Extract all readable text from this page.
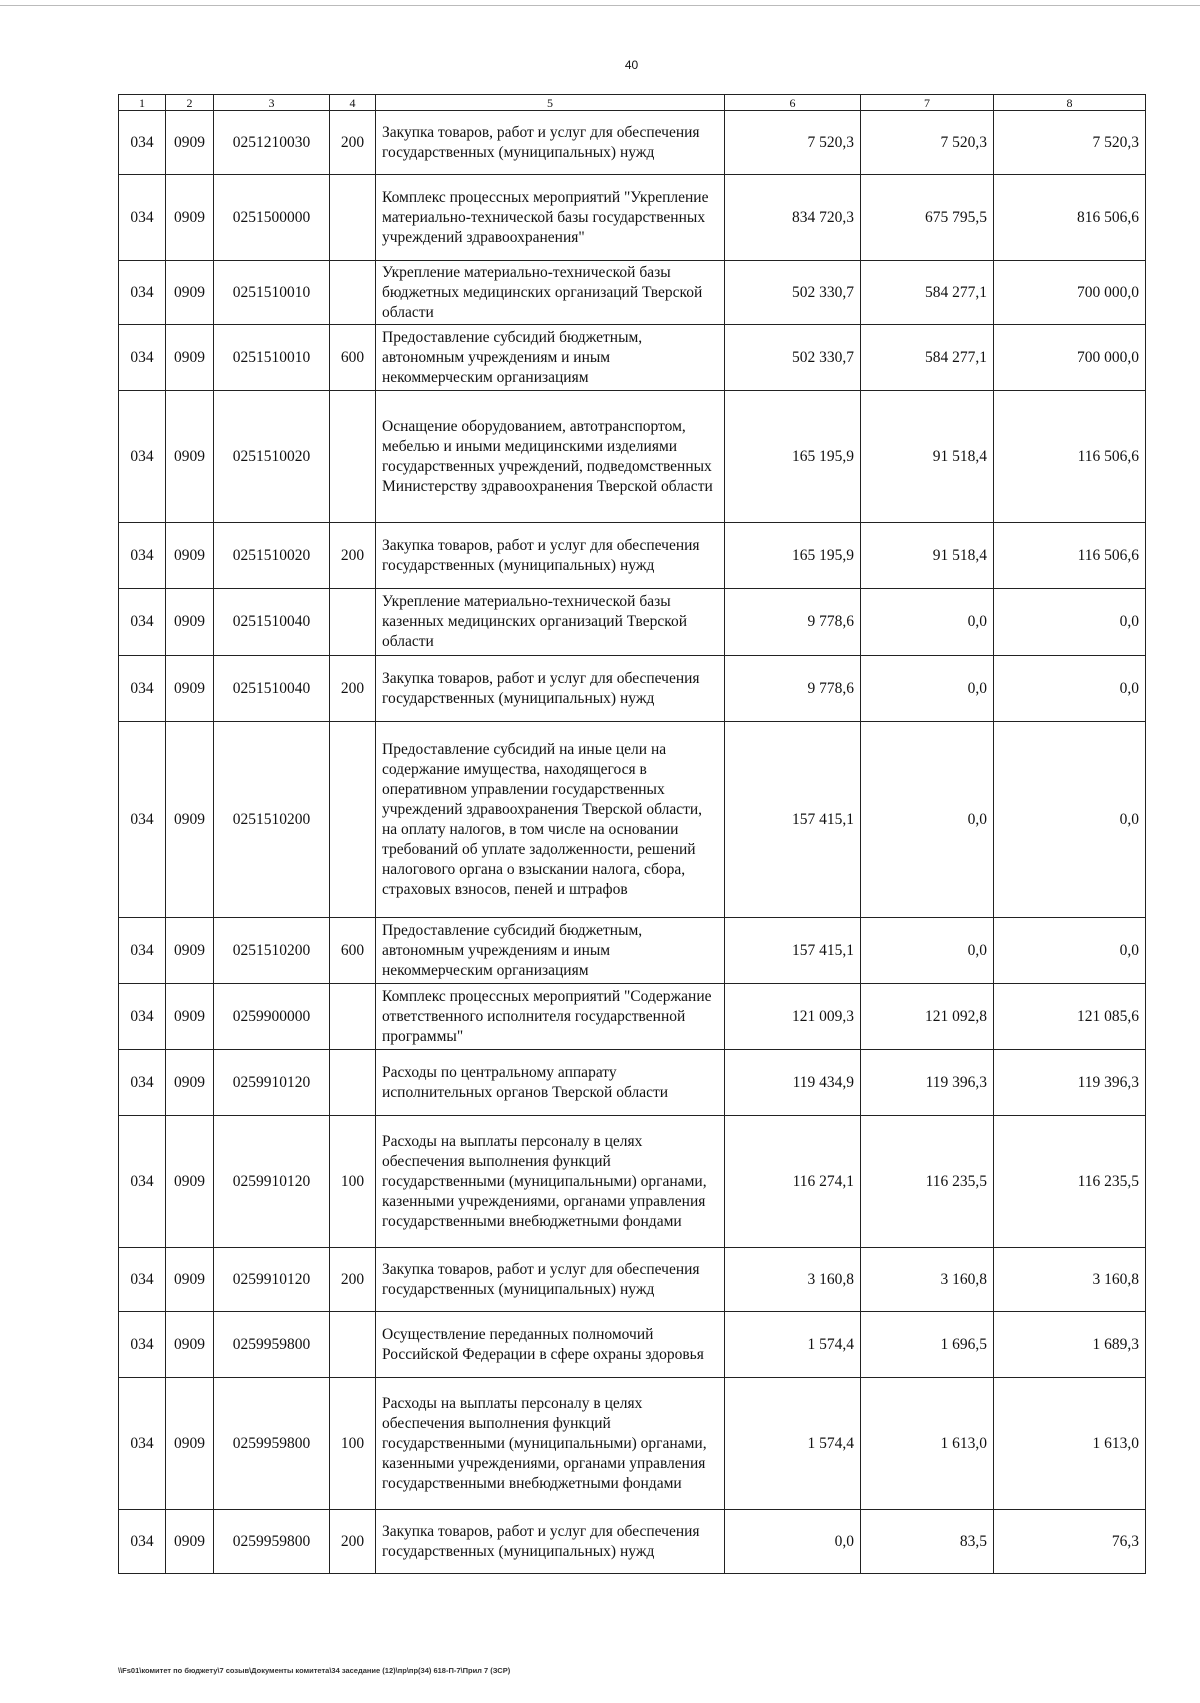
40
1	2	3	4	5	6	7	8
034	0909	0251210030	200	Закупка товаров, работ и услуг для обеспечения государственных (муниципальных) нужд	7 520,3	7 520,3	7 520,3
034	0909	0251500000		Комплекс процессных мероприятий "Укрепление материально-технической базы государственных учреждений здравоохранения"	834 720,3	675 795,5	816 506,6
034	0909	0251510010		Укрепление материально-технической базы бюджетных медицинских организаций Тверской области	502 330,7	584 277,1	700 000,0
034	0909	0251510010	600	Предоставление субсидий бюджетным, автономным учреждениям и иным некоммерческим организациям	502 330,7	584 277,1	700 000,0
034	0909	0251510020		Оснащение оборудованием, автотранспортом, мебелью и иными медицинскими изделиями государственных учреждений, подведомственных Министерству здравоохранения Тверской области	165 195,9	91 518,4	116 506,6
034	0909	0251510020	200	Закупка товаров, работ и услуг для обеспечения государственных (муниципальных) нужд	165 195,9	91 518,4	116 506,6
034	0909	0251510040		Укрепление материально-технической базы казенных медицинских организаций Тверской области	9 778,6	0,0	0,0
034	0909	0251510040	200	Закупка товаров, работ и услуг для обеспечения государственных (муниципальных) нужд	9 778,6	0,0	0,0
034	0909	0251510200		Предоставление субсидий на иные цели на содержание имущества, находящегося в оперативном управлении государственных учреждений здравоохранения Тверской области, на оплату налогов, в том числе на основании требований об уплате задолженности, решений налогового органа о взыскании налога, сбора, страховых взносов, пеней и штрафов	157 415,1	0,0	0,0
034	0909	0251510200	600	Предоставление субсидий бюджетным, автономным учреждениям и иным некоммерческим организациям	157 415,1	0,0	0,0
034	0909	0259900000		Комплекс процессных мероприятий "Содержание ответственного исполнителя государственной программы"	121 009,3	121 092,8	121 085,6
034	0909	0259910120		Расходы по центральному аппарату исполнительных органов Тверской области	119 434,9	119 396,3	119 396,3
034	0909	0259910120	100	Расходы на выплаты персоналу в целях обеспечения выполнения функций государственными (муниципальными) органами, казенными учреждениями, органами управления государственными внебюджетными фондами	116 274,1	116 235,5	116 235,5
034	0909	0259910120	200	Закупка товаров, работ и услуг для обеспечения государственных (муниципальных) нужд	3 160,8	3 160,8	3 160,8
034	0909	0259959800		Осуществление переданных полномочий Российской Федерации в сфере охраны здоровья	1 574,4	1 696,5	1 689,3
034	0909	0259959800	100	Расходы на выплаты персоналу в целях обеспечения выполнения функций государственными (муниципальными) органами, казенными учреждениями, органами управления государственными внебюджетными фондами	1 574,4	1 613,0	1 613,0
034	0909	0259959800	200	Закупка товаров, работ и услуг для обеспечения государственных (муниципальных) нужд	0,0	83,5	76,3
\\Fs01\комитет по бюджету\7 созыв\Документы комитета\34 заседание (12)\пр\пр(34) 618-П-7\Прил 7 (ЗСР)
